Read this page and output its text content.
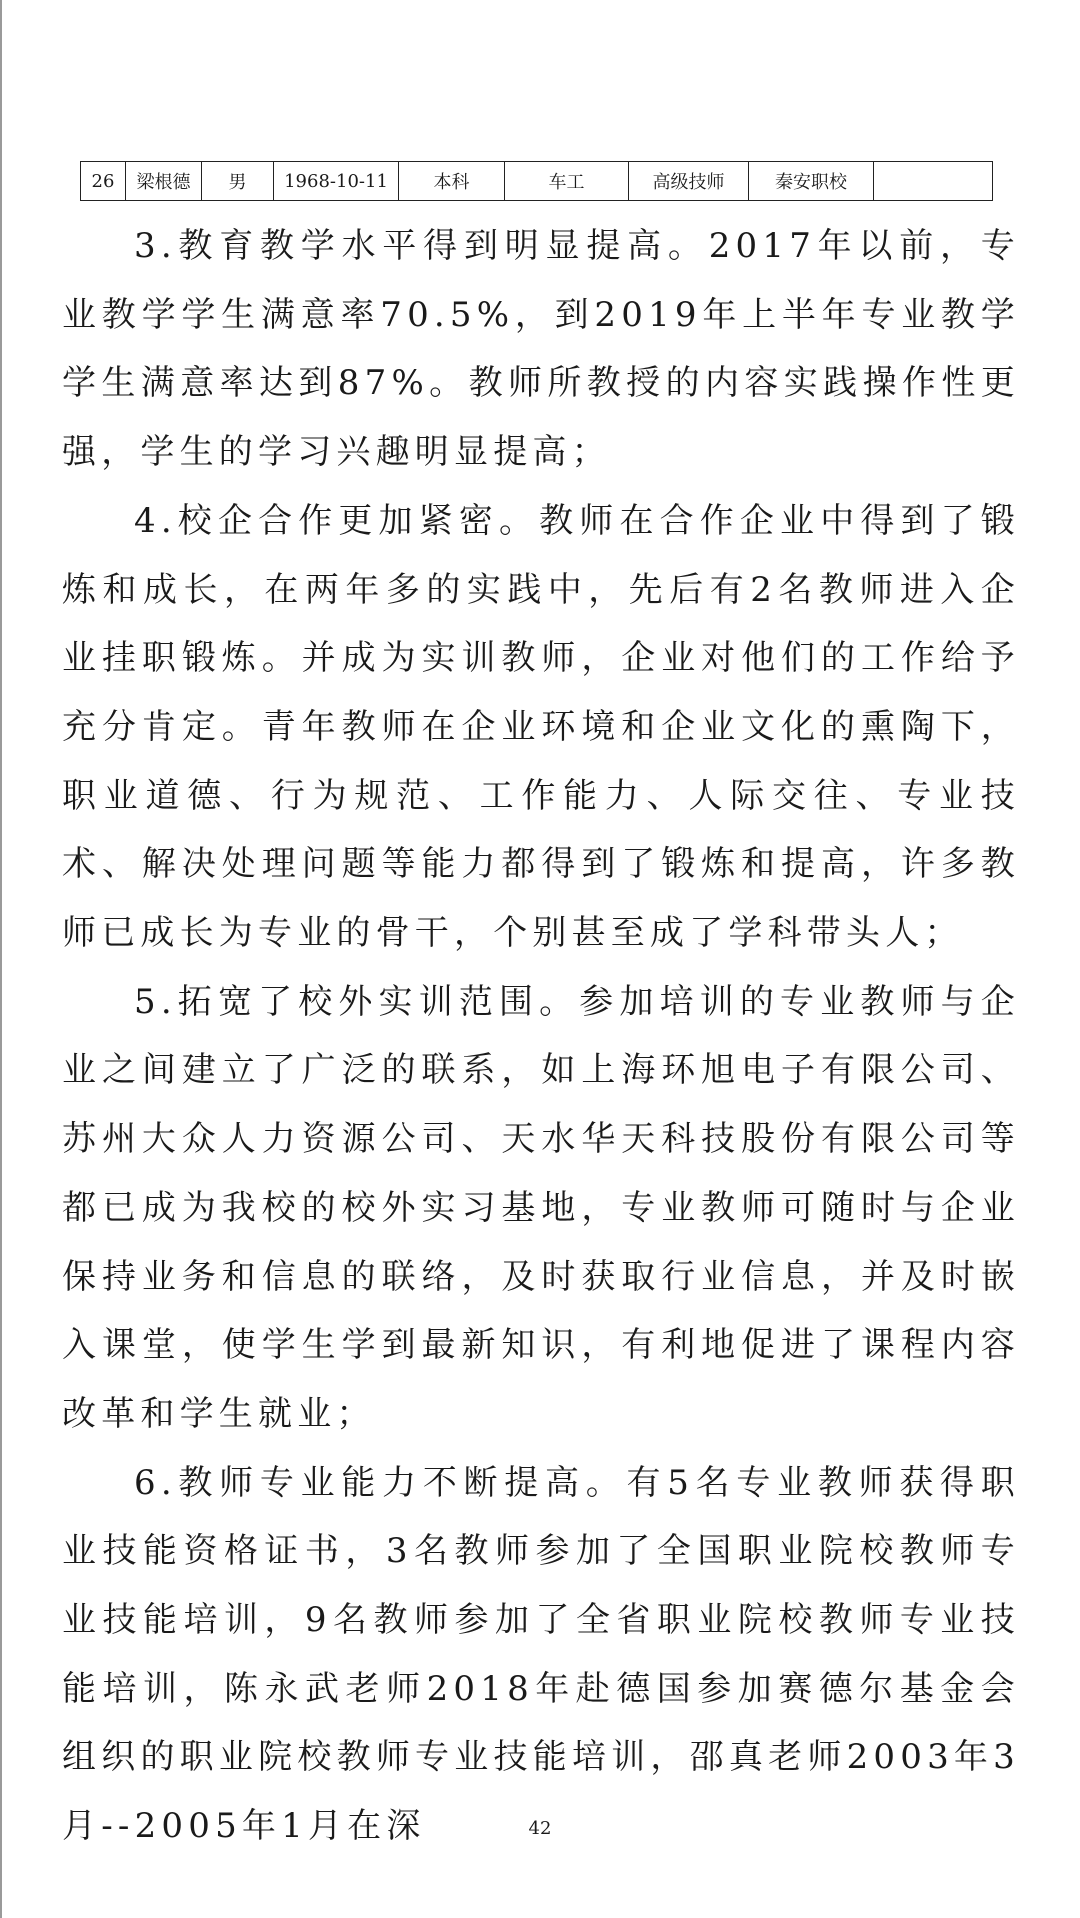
26	梁根德	男	1968-10-11	本科	车工	高级技师	秦安职校	

3.教育教学水平得到明显提高。2017年以前，专业教学学生满意率70.5%，到2019年上半年专业教学学生满意率达到87%。教师所教授的内容实践操作性更强，学生的学习兴趣明显提高；

4.校企合作更加紧密。教师在合作企业中得到了锻炼和成长，在两年多的实践中，先后有2名教师进入企业挂职锻炼。并成为实训教师，企业对他们的工作给予充分肯定。青年教师在企业环境和企业文化的熏陶下，职业道德、行为规范、工作能力、人际交往、专业技术、解决处理问题等能力都得到了锻炼和提高，许多教师已成长为专业的骨干，个别甚至成了学科带头人；

5.拓宽了校外实训范围。参加培训的专业教师与企业之间建立了广泛的联系，如上海环旭电子有限公司、苏州大众人力资源公司、天水华天科技股份有限公司等都已成为我校的校外实习基地，专业教师可随时与企业保持业务和信息的联络，及时获取行业信息，并及时嵌入课堂，使学生学到最新知识，有利地促进了课程内容改革和学生就业；

6.教师专业能力不断提高。有5名专业教师获得职业技能资格证书，3名教师参加了全国职业院校教师专业技能培训，9名教师参加了全省职业院校教师专业技能培训，陈永武老师2018年赴德国参加赛德尔基金会组织的职业院校教师专业技能培训，邵真老师2003年3月--2005年1月在深	42
